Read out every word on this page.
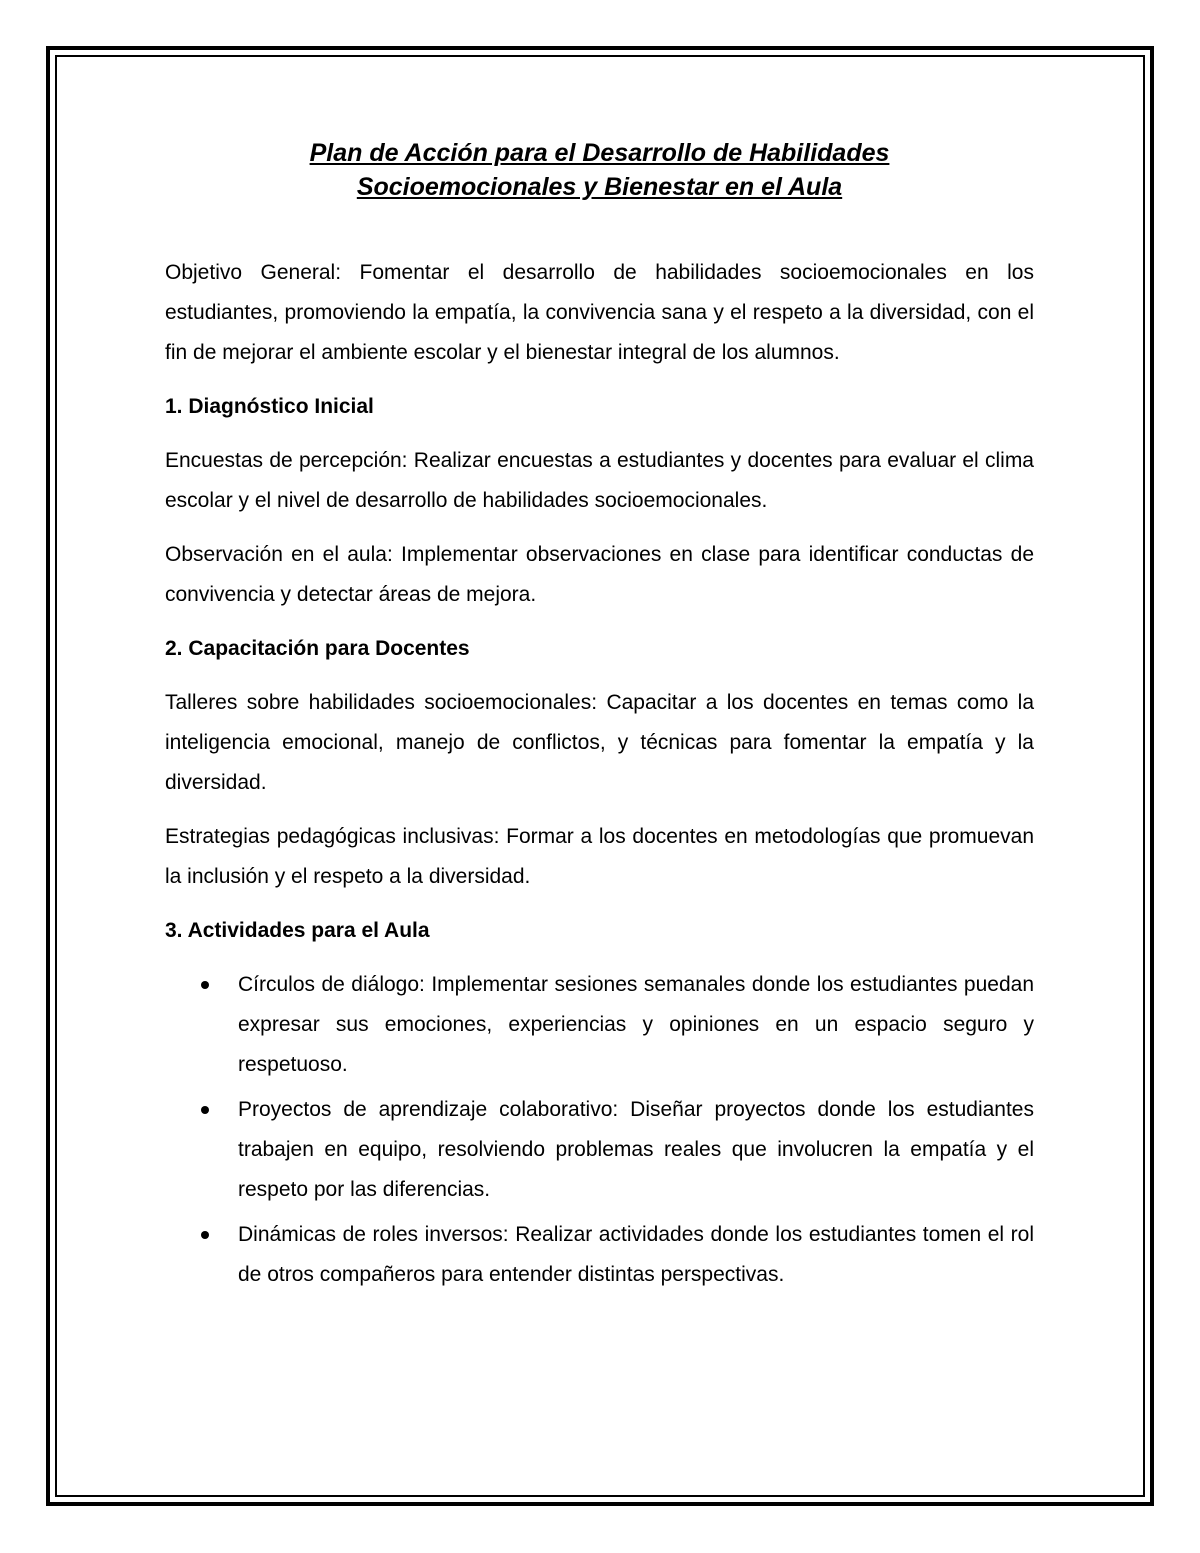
Plan de Acción para el Desarrollo de Habilidades
Socioemocionales y Bienestar en el Aula

Objetivo General: Fomentar el desarrollo de habilidades socioemocionales en los estudiantes, promoviendo la empatía, la convivencia sana y el respeto a la diversidad, con el fin de mejorar el ambiente escolar y el bienestar integral de los alumnos.

1. Diagnóstico Inicial

Encuestas de percepción: Realizar encuestas a estudiantes y docentes para evaluar el clima escolar y el nivel de desarrollo de habilidades socioemocionales.

Observación en el aula: Implementar observaciones en clase para identificar conductas de convivencia y detectar áreas de mejora.

2. Capacitación para Docentes

Talleres sobre habilidades socioemocionales: Capacitar a los docentes en temas como la inteligencia emocional, manejo de conflictos, y técnicas para fomentar la empatía y la diversidad.

Estrategias pedagógicas inclusivas: Formar a los docentes en metodologías que promuevan la inclusión y el respeto a la diversidad.

3. Actividades para el Aula
Círculos de diálogo: Implementar sesiones semanales donde los estudiantes puedan expresar sus emociones, experiencias y opiniones en un espacio seguro y respetuoso.
Proyectos de aprendizaje colaborativo: Diseñar proyectos donde los estudiantes trabajen en equipo, resolviendo problemas reales que involucren la empatía y el respeto por las diferencias.
Dinámicas de roles inversos: Realizar actividades donde los estudiantes tomen el rol de otros compañeros para entender distintas perspectivas.
